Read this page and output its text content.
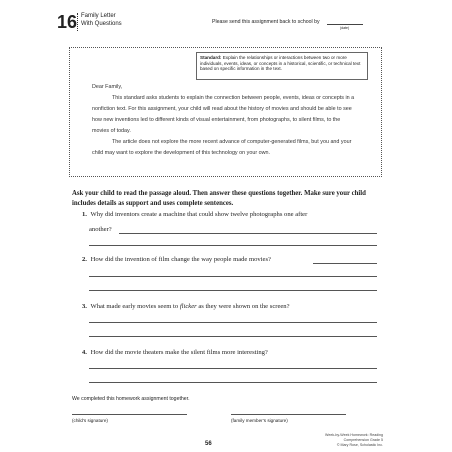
16 Family Letter
With Questions	Please send this assignment back to school by
(date)
Standard: Explain the relationships or interactions between two or more individuals, events, ideas, or concepts in a historical, scientific, or technical text based on specific information in the text.

Dear Family,

This standard asks students to explain the connection between people, events, ideas or concepts in a nonfiction text. For this assignment, your child will read about the history of movies and should be able to see how new inventions led to different kinds of visual entertainment, from photographs, to silent films, to the movies of today.

The article does not explore the more recent advance of computer-generated films, but you and your child may want to explore the development of this technology on your own.

Ask your child to read the passage aloud. Then answer these questions together. Make sure your child includes details as support and uses complete sentences.
1. Why did inventors create a machine that could show twelve photographs one after
another?
2. How did the invention of film change the way people made movies?
3. What made early movies seem to flicker as they were shown on the screen?
4. How did the movie theaters make the silent films more interesting?
We completed this homework assignment together.
(child’s signature)	(family member’s signature)
56
Week-by-Week Homework: Reading Comprehension Grade 5
© Mary Rose, Scholastic Inc.
